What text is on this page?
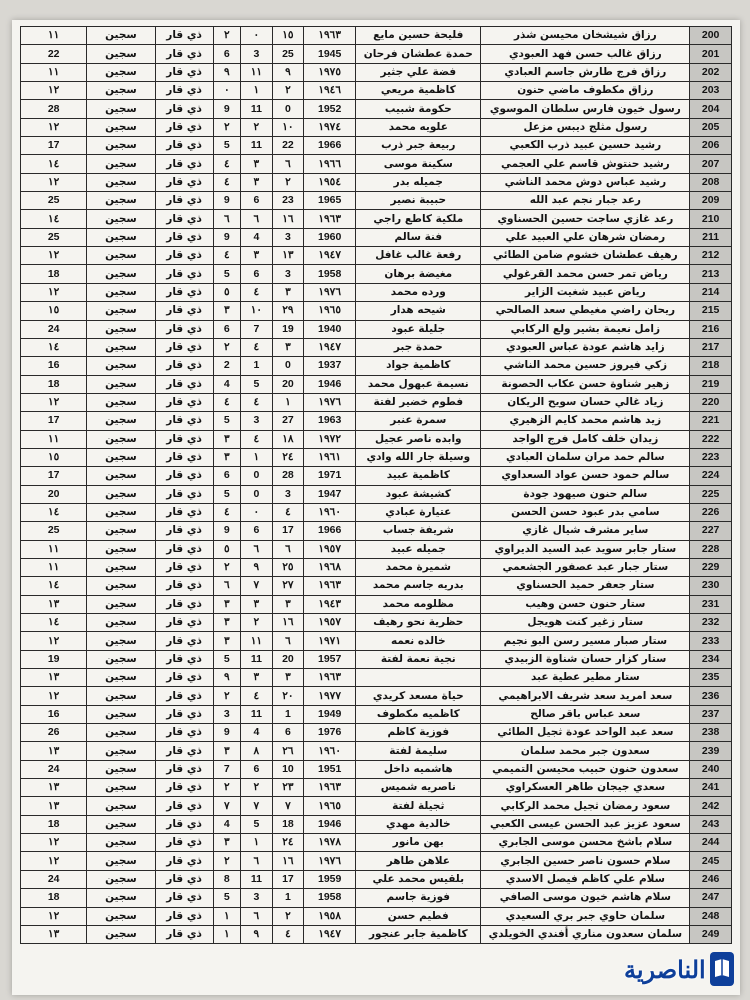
200	رزاق شيشخان محيسن شذر	فليحة حسين مايع	١٩٦٣	١٥	٠	٢	ذي قار	سجين	١١
201	رزاق غالب حسن فهد العبودي	حمدة عطشان فرحان	1945	25	3	6	ذي قار	سجين	22
202	رزاق فرج طارش جاسم العبادي	فضة علي جثير	١٩٧٥	٩	١١	٩	ذي قار	سجين	١١
203	رزاق مكطوف ماضي حنون	كاظمية مريعي	١٩٤٦	٢	١	٠	ذي قار	سجين	١٢
204	رسول خيون فارس سلطان الموسوي	حكومة شبيب	1952	0	11	9	ذي قار	سجين	28
205	رسول مثلج ديبس مزعل	علويه محمد	١٩٧٤	١٠	٢	٢	ذي قار	سجين	١٢
206	رشيد حسين عبيد ذرب الكعبي	ربيعة جبر ذرب	1966	22	11	5	ذي قار	سجين	17
207	رشيد حنتوش قاسم علي العجمي	سكينة موسى	١٩٦٦	٦	٣	٤	ذي قار	سجين	١٤
208	رشيد عباس دوش محمد الناشي	جميله بدر	١٩٥٤	٢	٣	٤	ذي قار	سجين	١٢
209	رعد جبار نجم عبد الله	حبيبة نصير	1965	23	6	9	ذي قار	سجين	25
210	رعد غازي ساجت حسين الحسناوي	ملكية كاطع راجي	١٩٦٣	١٦	٦	٦	ذي قار	سجين	١٤
211	رمضان شرهان علي العبيد علي	فنة سالم	1960	3	4	9	ذي قار	سجين	25
212	رهيف عطشان خشوم ضامن الطائي	رفعة غالب غافل	١٩٤٧	١٣	٣	٤	ذي قار	سجين	١٢
213	رياض تمر حسن محمد القرغولي	مغيضة برهان	1958	3	6	5	ذي قار	سجين	18
214	رياض عبيد شغيت الزاير	ورده محمد	١٩٧٦	٣	٤	٥	ذي قار	سجين	١٢
215	ريحان راضي مغيطي سعد الصالحي	شيحه هدار	١٩٦٥	٢٩	١٠	٣	ذي قار	سجين	١٥
216	زامل نعيمة بشير ولع الركابي	جليلة عبود	1940	19	7	6	ذي قار	سجين	24
217	زايد هاشم عودة عباس العبودي	حمدة جبر	١٩٤٧	٣	٤	٢	ذي قار	سجين	١٤
218	زكي فيروز حسين محمد الناشي	كاظمية جواد	1937	0	1	2	ذي قار	سجين	16
219	زهير شناوة حسن عكاب الحصونة	نسيمة عبهول محمد	1946	20	5	4	ذي قار	سجين	18
220	زياد غالي حسان سويح الريكان	فطوم خضير لفتة	١٩٧٦	١	٤	٤	ذي قار	سجين	١٢
221	زيد هاشم محمد كايم الزهيري	سمرة عنبر	1963	27	3	5	ذي قار	سجين	17
222	زيدان خلف كامل فرج الواجد	وابده ناصر عجيل	١٩٧٢	١٨	٤	٣	ذي قار	سجين	١١
223	سالم حمد مران سلمان العبادي	وسيلة جار الله وادي	١٩٦١	٢٤	١	٣	ذي قار	سجين	١٥
224	سالم حمود حسن عواد السعداوي	كاظمية عبيد	1971	28	0	6	ذي قار	سجين	17
225	سالم حنون صيهود جودة	كشيشة عبود	1947	3	0	5	ذي قار	سجين	20
226	سامي بدر عبود حسن الحسن	عتيارة عبادي	١٩٦٠	٤	٠	٤	ذي قار	سجين	١٤
227	ساير مشرف شيال غازي	شريفة جساب	1966	17	6	9	ذي قار	سجين	25
228	ستار جابر سويد عبد السيد الديراوي	جميله عبيد	١٩٥٧	٦	٦	٥	ذي قار	سجين	١١
229	ستار جبار عبد عصفور الجشعمي	شميرة محمد	١٩٦٨	٢٥	٩	٢	ذي قار	سجين	١١
230	ستار جعفر حميد الحسناوي	بدريه جاسم محمد	١٩٦٣	٢٧	٧	٦	ذي قار	سجين	١٤
231	ستار حنون حسن وهيب	مظلومه محمد	١٩٤٣	٣	٣	٣	ذي قار	سجين	١٣
232	ستار زغير كنت هويجل	حظرية نحو رهيف	١٩٥٧	١٦	٢	٣	ذي قار	سجين	١٤
233	ستار صبار مسير رسن البو نجيم	خالده نعمه	١٩٧١	٦	١١	٣	ذي قار	سجين	١٢
234	ستار كزار حسان شناوة الزبيدي	نجية نعمة لفتة	1957	20	11	5	ذي قار	سجين	19
235	ستار مطير عطية عبد		١٩٦٣	٣	٣	٩	ذي قار	سجين	١٣
236	سعد امريد سعد شريف الابراهيمي	حياة مسعد كريدي	١٩٧٧	٢٠	٤	٢	ذي قار	سجين	١٢
237	سعد عباس باقر صالح	كاظميه مكطوف	1949	1	11	3	ذي قار	سجين	16
238	سعد عبد الواحد عودة ثجيل الطائي	فوزية كاظم	1976	6	4	9	ذي قار	سجين	26
239	سعدون جبر محمد سلمان	سليمة لفتة	١٩٦٠	٢٦	٨	٣	ذي قار	سجين	١٣
240	سعدون حنون حبيب محيسن التميمي	هاشميه داخل	1951	10	6	7	ذي قار	سجين	24
241	سعدي جيجان طاهر العسكراوي	ناصريه شميس	١٩٦٣	٢٣	٢	٢	ذي قار	سجين	١٣
242	سعود رمضان ثجيل محمد الركابي	ثجيلة لفتة	١٩٦٥	٧	٧	٧	ذي قار	سجين	١٣
243	سعود عزيز عبد الحسن عيسى الكعبي	خالدية مهدي	1946	18	5	4	ذي قار	سجين	18
244	سلام باشخ محسن موسى الجابري	بهن مانور	١٩٧٨	٢٤	١	٣	ذي قار	سجين	١٢
245	سلام حسون ناصر حسين الجابري	علاهن طاهر	١٩٧٦	١٦	٦	٢	ذي قار	سجين	١٢
246	سلام علي كاظم فيصل الاسدي	بلقيس محمد علي	1959	17	11	8	ذي قار	سجين	24
247	سلام هاشم خيون موسى الصافي	فوزية جاسم	1958	1	3	5	ذي قار	سجين	18
248	سلمان حاوي جبر بري السعيدي	فطيم حسن	١٩٥٨	٢	٦	١	ذي قار	سجين	١٢
249	سلمان سعدون مناري أفندي الخويلدي	كاظمية جابر عنجور	١٩٤٧	٤	٩	١	ذي قار	سجين	١٣
الناصرية
